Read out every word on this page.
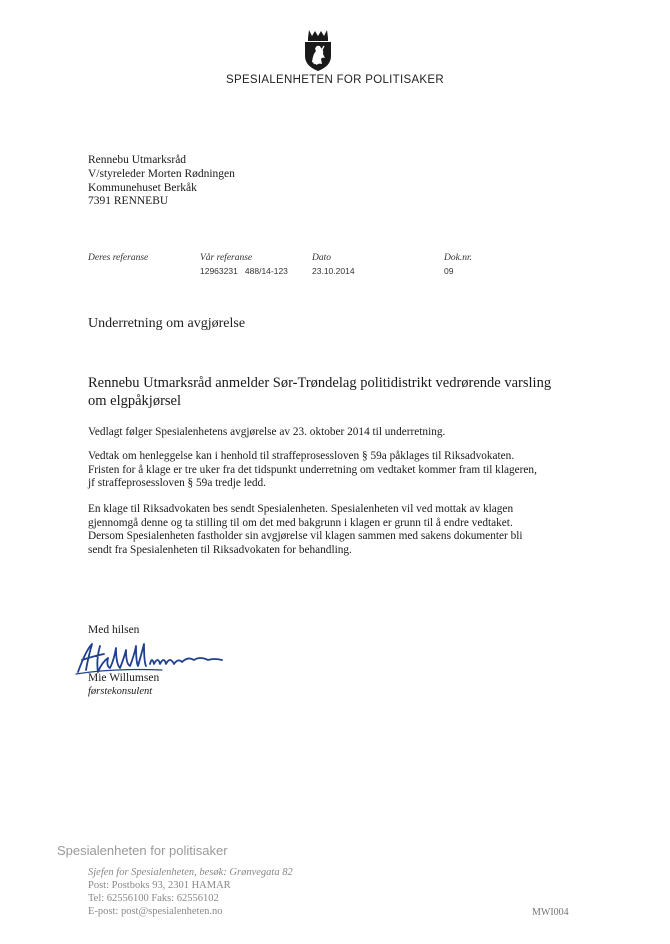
SPESIALENHETEN FOR POLITISAKER
Rennebu Utmarksråd
V/styreleder Morten Rødningen
Kommunehuset Berkåk
7391 RENNEBU
Deres referanse	Vår referanse
12963231   488/14-123
Dato
23.10.2014
Dok.nr.
09
Underretning om avgjørelse
Rennebu Utmarksråd anmelder Sør-Trøndelag politidistrikt vedrørende varsling om elgpåkjørsel
Vedlagt følger Spesialenhetens avgjørelse av 23. oktober 2014 til underretning.
Vedtak om henleggelse kan i henhold til straffeprosessloven § 59a påklages til Riksadvokaten.
Fristen for å klage er tre uker fra det tidspunkt underretning om vedtaket kommer fram til klageren,
jf straffeprosessloven § 59a tredje ledd.
En klage til Riksadvokaten bes sendt Spesialenheten. Spesialenheten vil ved mottak av klagen
gjennomgå denne og ta stilling til om det med bakgrunn i klagen er grunn til å endre vedtaket.
Dersom Spesialenheten fastholder sin avgjørelse vil klagen sammen med sakens dokumenter bli
sendt fra Spesialenheten til Riksadvokaten for behandling.
Med hilsen
Mie Willumsen
førstekonsulent
Spesialenheten for politisaker
Sjefen for Spesialenheten, besøk: Grønvegata 82
Post: Postboks 93, 2301 HAMAR
Tel: 62556100 Faks: 62556102
E-post: post@spesialenheten.no	MWI004
